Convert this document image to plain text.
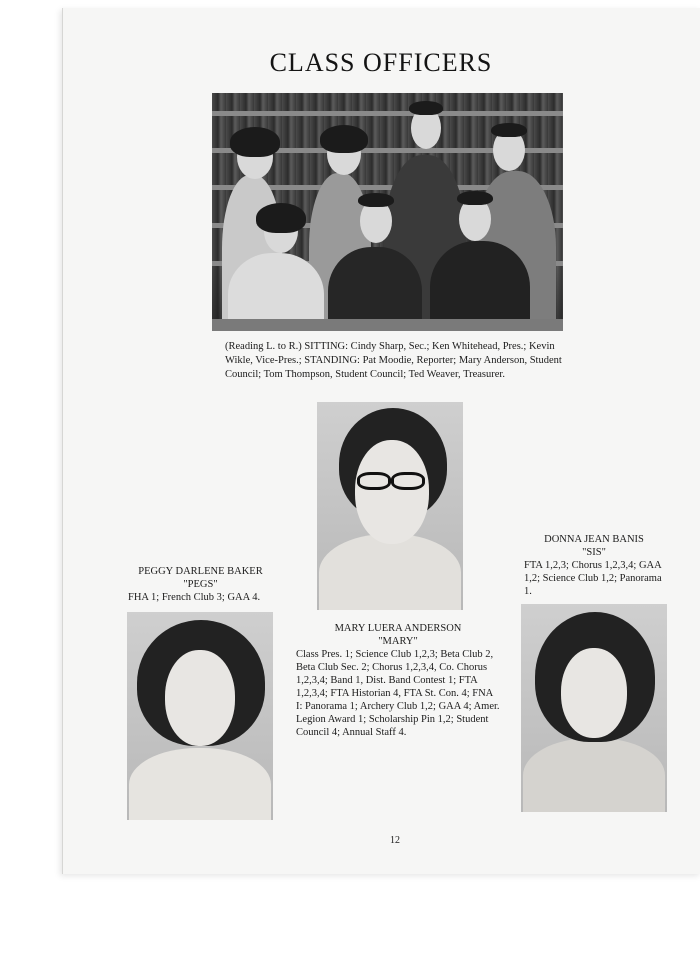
CLASS OFFICERS
(Reading L. to R.) SITTING: Cindy Sharp, Sec.; Ken Whitehead, Pres.; Kevin Wikle, Vice-Pres.; STANDING: Pat Moodie, Reporter; Mary Anderson, Student Council; Tom Thompson, Student Council; Ted Weaver, Treasurer.
PEGGY DARLENE BAKER
"PEGS"
FHA 1; French Club 3; GAA 4.
MARY LUERA ANDERSON
"MARY"
Class Pres. 1; Science Club 1,2,3; Beta Club 2, Beta Club Sec. 2; Chorus 1,2,3,4, Co. Chorus 1,2,3,4; Band 1, Dist. Band Contest 1; FTA 1,2,3,4; FTA Historian 4, FTA St. Con. 4; FNA I: Panorama 1; Archery Club 1,2; GAA 4; Amer. Legion Award 1; Scholarship Pin 1,2; Student Council 4; Annual Staff 4.
DONNA JEAN BANIS
"SIS"
FTA 1,2,3; Chorus 1,2,3,4; GAA 1,2; Science Club 1,2; Panorama 1.
12
